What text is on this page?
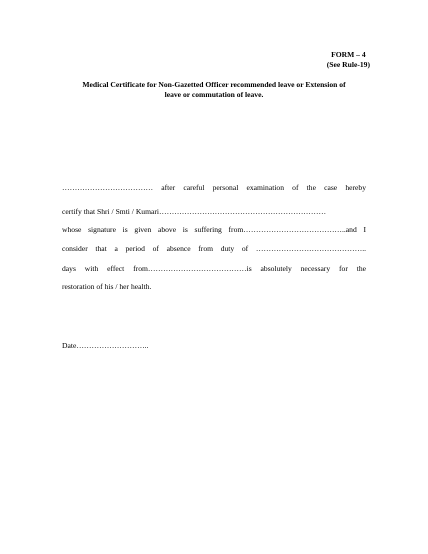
FORM – 4
(See Rule-19)
Medical Certificate for Non-Gazetted Officer recommended leave or Extension of
leave or commutation of leave.
……………………………… after careful personal examination of the case hereby
certify that Shri / Smti / Kumari…………………………………………………………
whose signature is given above is suffering from…………………………………..and I
consider that a period of absence from duty of ……………………………………..
days with effect from…………………………………is absolutely necessary for the
restoration of his / her health.
Date………………………..
